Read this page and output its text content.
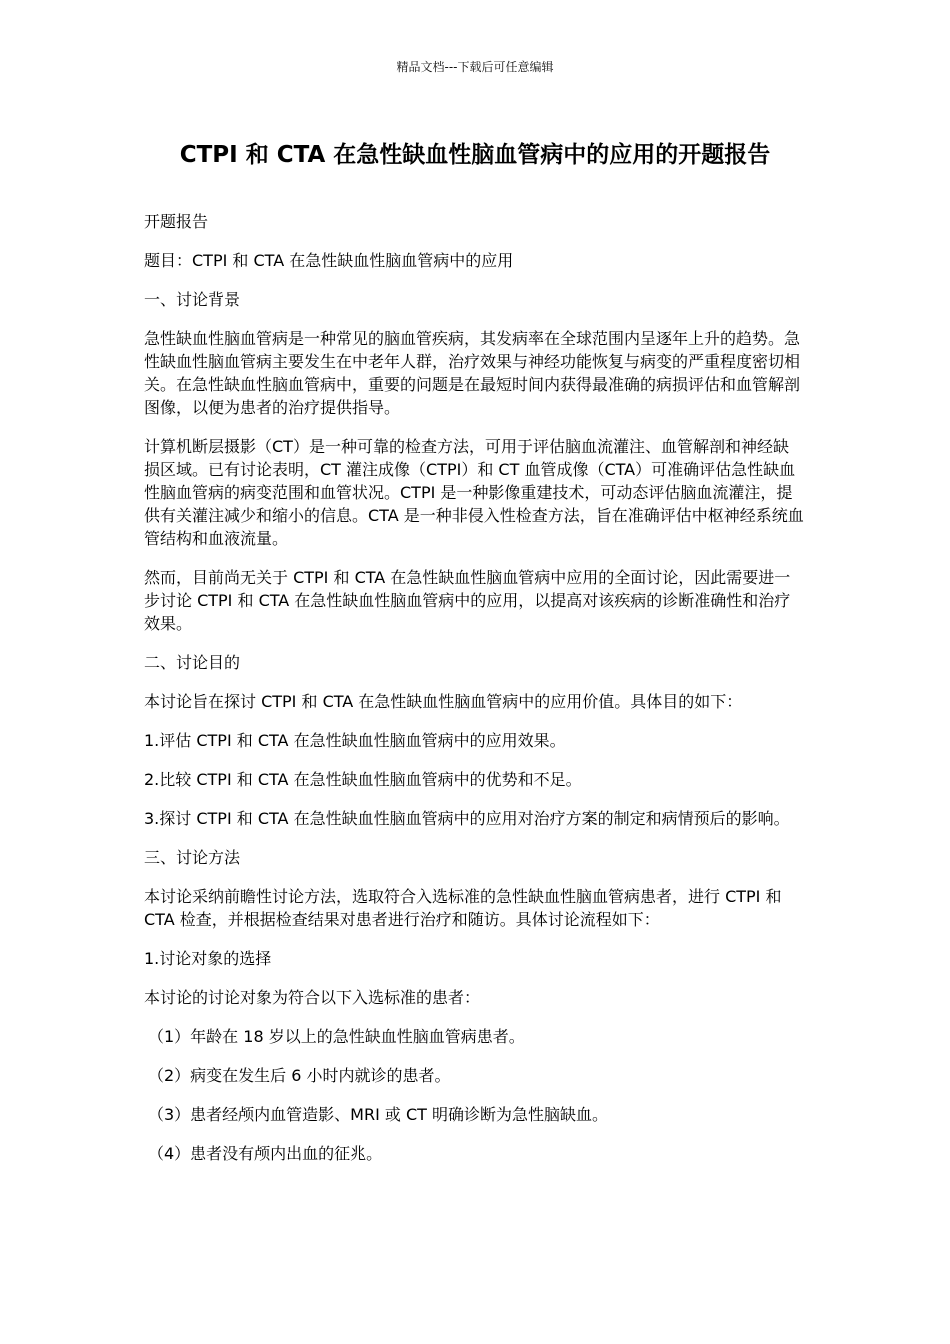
精品文档---下载后可任意编辑
CTPI 和 CTA 在急性缺血性脑血管病中的应用的开题报告

开题报告

题目：CTPI 和 CTA 在急性缺血性脑血管病中的应用

一、讨论背景

急性缺血性脑血管病是一种常见的脑血管疾病，其发病率在全球范围内呈逐年上升的趋势。急性缺血性脑血管病主要发生在中老年人群，治疗效果与神经功能恢复与病变的严重程度密切相关。在急性缺血性脑血管病中，重要的问题是在最短时间内获得最准确的病损评估和血管解剖图像，以便为患者的治疗提供指导。

计算机断层摄影（CT）是一种可靠的检查方法，可用于评估脑血流灌注、血管解剖和神经缺损区域。已有讨论表明，CT 灌注成像（CTPI）和 CT 血管成像（CTA）可准确评估急性缺血性脑血管病的病变范围和血管状况。CTPI 是一种影像重建技术，可动态评估脑血流灌注，提供有关灌注减少和缩小的信息。CTA 是一种非侵入性检查方法，旨在准确评估中枢神经系统血管结构和血液流量。

然而，目前尚无关于 CTPI 和 CTA 在急性缺血性脑血管病中应用的全面讨论，因此需要进一步讨论 CTPI 和 CTA 在急性缺血性脑血管病中的应用，以提高对该疾病的诊断准确性和治疗效果。

二、讨论目的

本讨论旨在探讨 CTPI 和 CTA 在急性缺血性脑血管病中的应用价值。具体目的如下：

1.评估 CTPI 和 CTA 在急性缺血性脑血管病中的应用效果。

2.比较 CTPI 和 CTA 在急性缺血性脑血管病中的优势和不足。

3.探讨 CTPI 和 CTA 在急性缺血性脑血管病中的应用对治疗方案的制定和病情预后的影响。

三、讨论方法

本讨论采纳前瞻性讨论方法，选取符合入选标准的急性缺血性脑血管病患者，进行 CTPI 和 CTA 检查，并根据检查结果对患者进行治疗和随访。具体讨论流程如下：

1.讨论对象的选择

本讨论的讨论对象为符合以下入选标准的患者：

（1）年龄在 18 岁以上的急性缺血性脑血管病患者。

（2）病变在发生后 6 小时内就诊的患者。

（3）患者经颅内血管造影、MRI 或 CT 明确诊断为急性脑缺血。

（4）患者没有颅内出血的征兆。
